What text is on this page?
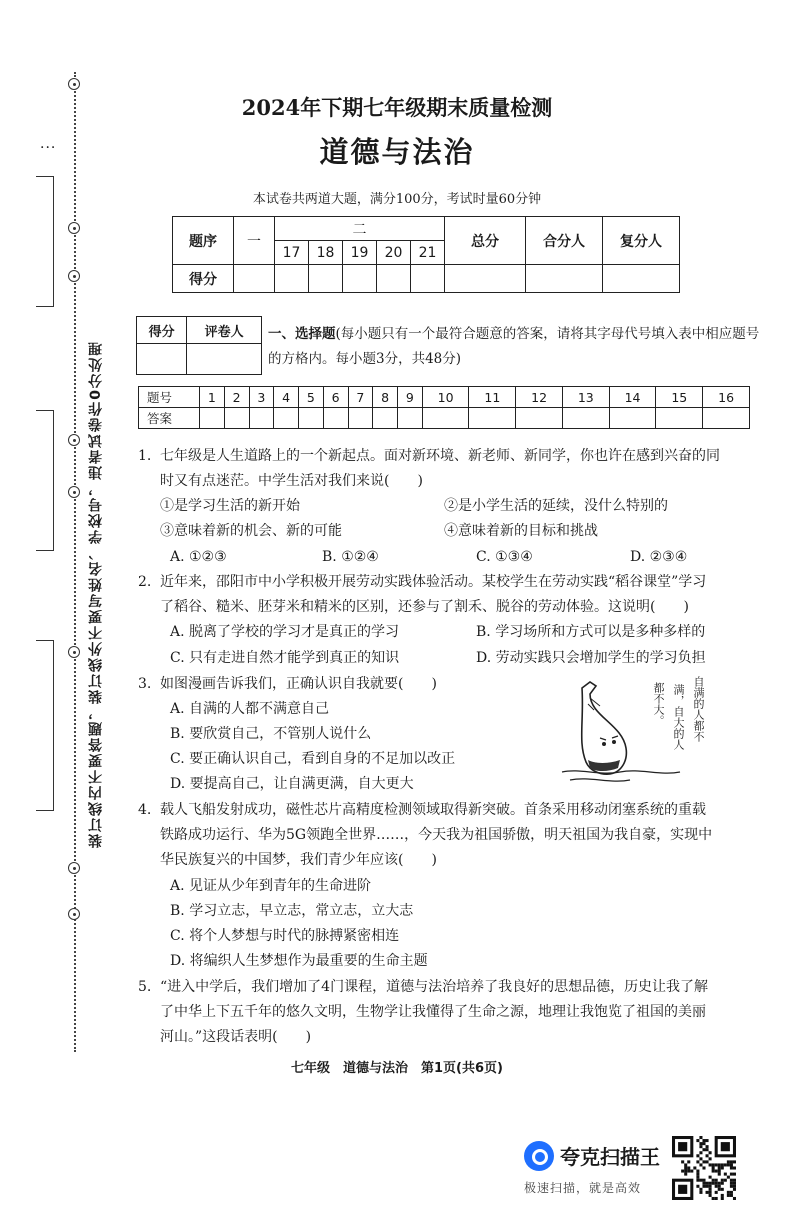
···
装订线内不要答题，装订线外不要写姓名、学校号，违者试卷作0分处理
2024年下期七年级期末质量检测
道德与法治
本试卷共两道大题，满分100分，考试时量60分钟
题序	一	二					总分	合分人	复分人
		17	18	19	20	21			
得分									
得分	评卷人
	一、选择题(每小题只有一个最符合题意的答案，请将其字母代号填入表中相应题号的方格内。每小题3分，共48分)
题号	1	2	3	4	5	6	7	8	9	10	11	12	13	14	15	16
答案																
1. 七年级是人生道路上的一个新起点。面对新环境、新老师、新同学，你也许在感到兴奋的同
时又有点迷茫。中学生活对我们来说(　　)
①是学习生活的新开始	②是小学生活的延续，没什么特别的
③意味着新的机会、新的可能	④意味着新的目标和挑战
A. ①②③	B. ①②④	C. ①③④	D. ②③④
2. 近年来，邵阳市中小学积极开展劳动实践体验活动。某校学生在劳动实践“稻谷课堂”学习
了稻谷、糙米、胚芽米和精米的区别，还参与了割禾、脱谷的劳动体验。这说明(　　)
A. 脱离了学校的学习才是真正的学习	B. 学习场所和方式可以是多种多样的
C. 只有走进自然才能学到真正的知识	D. 劳动实践只会增加学生的学习负担
3. 如图漫画告诉我们，正确认识自我就要(　　)
A. 自满的人都不满意自己
B. 要欣赏自己，不管别人说什么
C. 要正确认识自己，看到自身的不足加以改正
D. 要提高自己，让自满更满，自大更大
自满的人都不
满，自大的人
都不大。
4. 载人飞船发射成功，磁性芯片高精度检测领域取得新突破。首条采用移动闭塞系统的重载
铁路成功运行、华为5G领跑全世界……，今天我为祖国骄傲，明天祖国为我自豪，实现中
华民族复兴的中国梦，我们青少年应该(　　)
A. 见证从少年到青年的生命进阶
B. 学习立志，早立志，常立志，立大志
C. 将个人梦想与时代的脉搏紧密相连
D. 将编织人生梦想作为最重要的生命主题
5. “进入中学后，我们增加了4门课程，道德与法治培养了我良好的思想品德，历史让我了解
了中华上下五千年的悠久文明，生物学让我懂得了生命之源，地理让我饱览了祖国的美丽
河山。”这段话表明(　　)
七年级　道德与法治　第1页(共6页)
夸克扫描王
极速扫描，就是高效
